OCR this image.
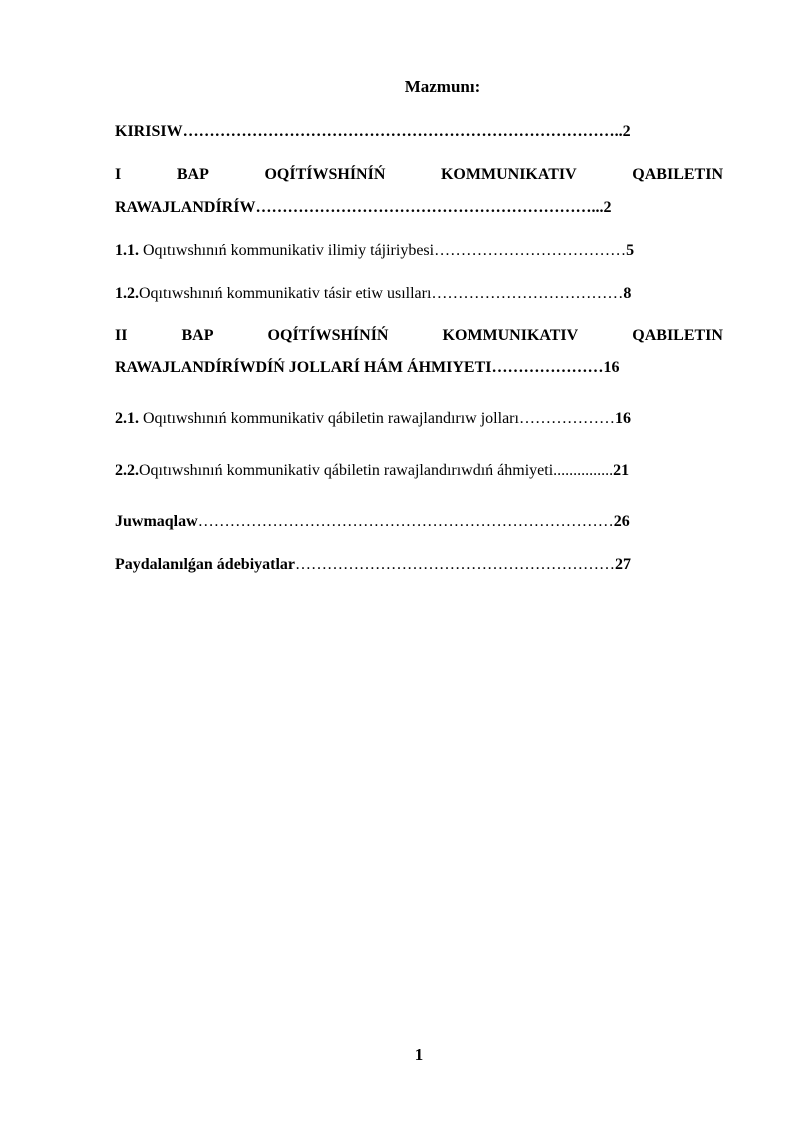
Mazmunı:
KIRISIW………………………………………………………………………..2
I	BAP	OQÍTÍWSHÍNÍŃ	KOMMUNIKATIV	QABILETIN
RAWAJLANDÍRÍW………………………………………………………...2
1.1. Oqıtıwshınıń kommunikativ ilimiy tájiriybesi………………………………5
1.2.Oqıtıwshınıń kommunikativ tásir etiw usılları………………………………8
II	BAP	OQÍTÍWSHÍNÍŃ	KOMMUNIKATIV	QABILETIN
RAWAJLANDÍRÍWDÍŃ JOLLARÍ HÁM ÁHMIYETI…………………16
2.1. Oqıtıwshınıń kommunikativ qábiletin rawajlandırıw jolları………………16
2.2.Oqıtıwshınıń kommunikativ qábiletin rawajlandırıwdıń áhmiyeti...............21
Juwmaqlaw……………………………………………………………………26
Paydalanılǵan ádebiyatlar……………………………………………………27
1
